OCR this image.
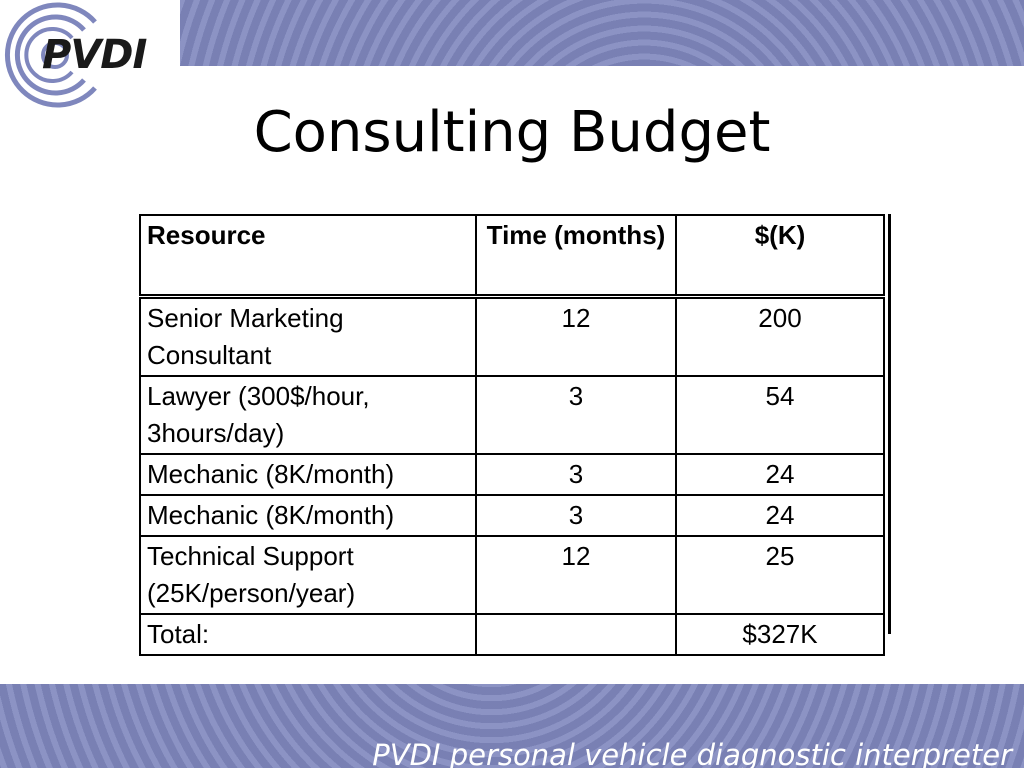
PVDI
Consulting Budget
Resource	Time (months)	$(K)
Senior Marketing Consultant	12	200
Lawyer (300$/hour, 3hours/day)	3	54
Mechanic (8K/month)	3	24
Mechanic (8K/month)	3	24
Technical Support (25K/person/year)	12	25
Total:		$327K
PVDI personal vehicle diagnostic interpreter
